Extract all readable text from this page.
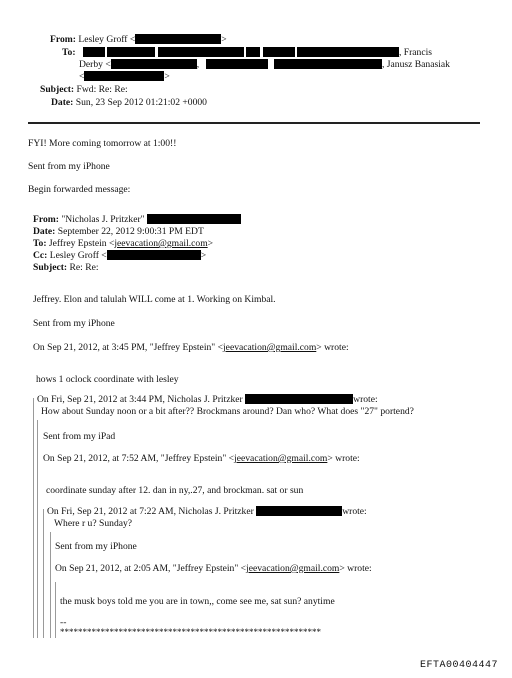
From: Lesley Groff <	>
To:	, Francis
Derby <	,	, Janusz Banasiak
<	>
Subject: Fwd: Re: Re:
Date: Sun, 23 Sep 2012 01:21:02 +0000
FYI! More coming tomorrow at 1:00!!
Sent from my iPhone
Begin forwarded message:
From: "Nicholas J. Pritzker"
Date: September 22, 2012 9:00:31 PM EDT
To: Jeffrey Epstein <jeevacation@gmail.com>
Cc: Lesley Groff <	>
Subject: Re: Re:
Jeffrey. Elon and talulah WILL come at 1. Working on Kimbal.
Sent from my iPhone
On Sep 21, 2012, at 3:45 PM, "Jeffrey Epstein" <jeevacation@gmail.com> wrote:
hows 1 oclock coordinate with lesley
On Fri, Sep 21, 2012 at 3:44 PM, Nicholas J. Pritzker	wrote:
How about Sunday noon or a bit after?? Brockmans around? Dan who? What does "27" portend?
Sent from my iPad
On Sep 21, 2012, at 7:52 AM, "Jeffrey Epstein" <jeevacation@gmail.com> wrote:
coordinate sunday after 12. dan in ny,.27, and brockman. sat or sun
On Fri, Sep 21, 2012 at 7:22 AM, Nicholas J. Pritzker	wrote:
Where r u? Sunday?
Sent from my iPhone
On Sep 21, 2012, at 2:05 AM, "Jeffrey Epstein" <jeevacation@gmail.com> wrote:
the musk boys told me you are in town,, come see me, sat sun? anytime
--
**********************************************************
EFTA00404447
